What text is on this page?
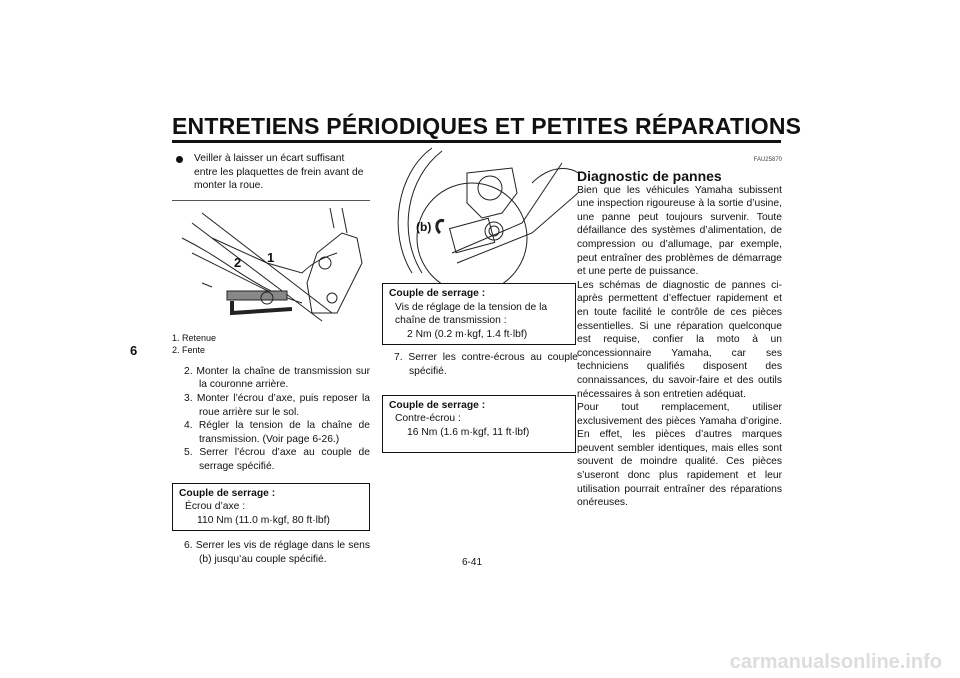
ENTRETIENS PÉRIODIQUES ET PETITES RÉPARATIONS
6
Veiller à laisser un écart suffisant entre les plaquettes de frein avant de monter la roue.
1
2
1. Retenue
2. Fente
2. Monter la chaîne de transmission sur la couronne arrière.
3. Monter l’écrou d’axe, puis reposer la roue arrière sur le sol.
4. Régler la tension de la chaîne de transmission. (Voir page 6-26.)
5. Serrer l’écrou d’axe au couple de serrage spécifié.
Couple de serrage :
Écrou d’axe :
110 Nm (11.0 m·kgf, 80 ft·lbf)
6. Serrer les vis de réglage dans le sens (b) jusqu’au couple spécifié.
(b)
Couple de serrage :
Vis de réglage de la tension de la chaîne de transmission :
2 Nm (0.2 m·kgf, 1.4 ft·lbf)
7. Serrer les contre-écrous au couple spécifié.
Couple de serrage :
Contre-écrou :
16 Nm (1.6 m·kgf, 11 ft·lbf)
FAU25870
Diagnostic de pannes
Bien que les véhicules Yamaha subissent une inspection rigoureuse à la sortie d’usine, une panne peut toujours survenir. Toute défaillance des systèmes d’alimentation, de compression ou d’allumage, par exemple, peut entraîner des problèmes de démarrage et une perte de puissance.
Les schémas de diagnostic de pannes ci-après permettent d’effectuer rapidement et en toute facilité le contrôle de ces pièces essentielles. Si une réparation quelconque est requise, confier la moto à un concessionnaire Yamaha, car ses techniciens qualifiés disposent des connaissances, du savoir-faire et des outils nécessaires à son entretien adéquat.
Pour tout remplacement, utiliser exclusivement des pièces Yamaha d’origine. En effet, les pièces d’autres marques peuvent sembler identiques, mais elles sont souvent de moindre qualité. Ces pièces s’useront donc plus rapidement et leur utilisation pourrait entraîner des réparations onéreuses.
6-41
carmanualsonline.info
